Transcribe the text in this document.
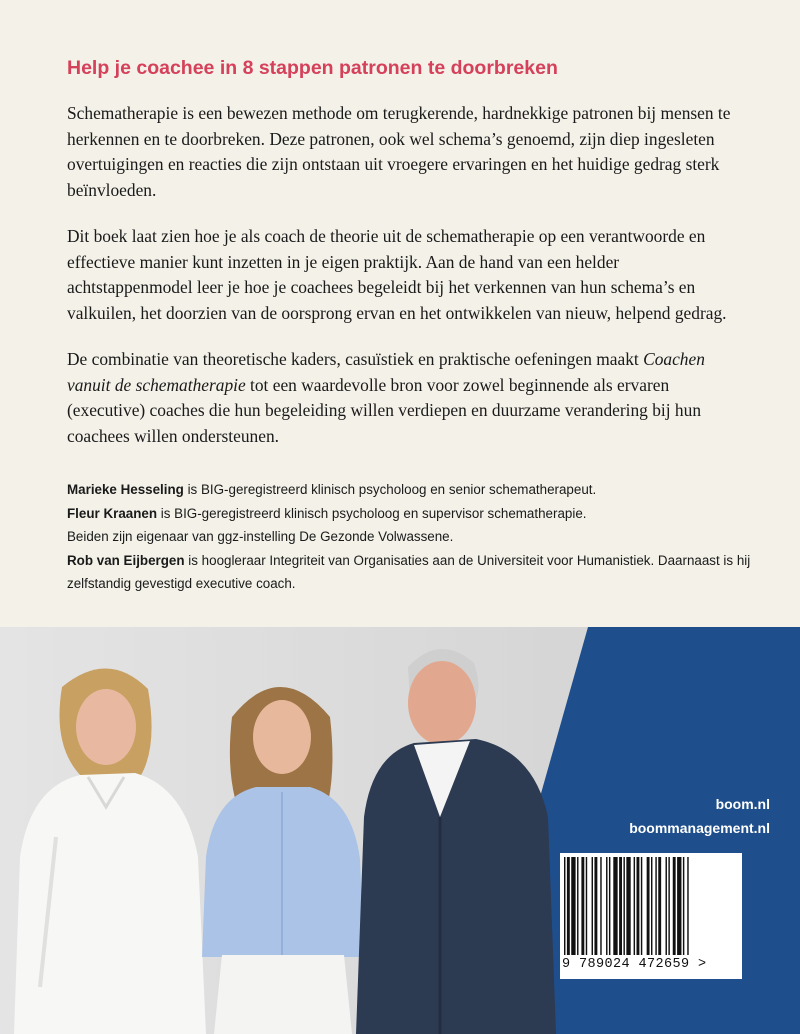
Help je coachee in 8 stappen patronen te doorbreken

Schematherapie is een bewezen methode om terugkerende, hardnekkige patronen bij mensen te herkennen en te doorbreken. Deze patronen, ook wel schema’s genoemd, zijn diep ingesleten overtuigingen en reacties die zijn ontstaan uit vroegere ervaringen en het huidige gedrag sterk beïnvloeden.

Dit boek laat zien hoe je als coach de theorie uit de schematherapie op een verantwoorde en effectieve manier kunt inzetten in je eigen praktijk. Aan de hand van een helder achtstappenmodel leer je hoe je coachees begeleidt bij het verkennen van hun schema’s en valkuilen, het doorzien van de oorsprong ervan en het ontwikkelen van nieuw, helpend gedrag.

De combinatie van theoretische kaders, casuïstiek en praktische oefeningen maakt Coachen vanuit de schematherapie tot een waardevolle bron voor zowel beginnende als ervaren (executive) coaches die hun begeleiding willen verdiepen en duurzame verandering bij hun coachees willen ondersteunen.

Marieke Hesseling is BIG-geregistreerd klinisch psycholoog en senior schematherapeut.

Fleur Kraanen is BIG-geregistreerd klinisch psycholoog en supervisor schematherapie.

Beiden zijn eigenaar van ggz-instelling De Gezonde Volwassene.

Rob van Eijbergen is hoogleraar Integriteit van Organisaties aan de Universiteit voor Humanistiek. Daarnaast is hij zelfstandig gevestigd executive coach.

boom.nl
boommanagement.nl
9 789024 472659 >
